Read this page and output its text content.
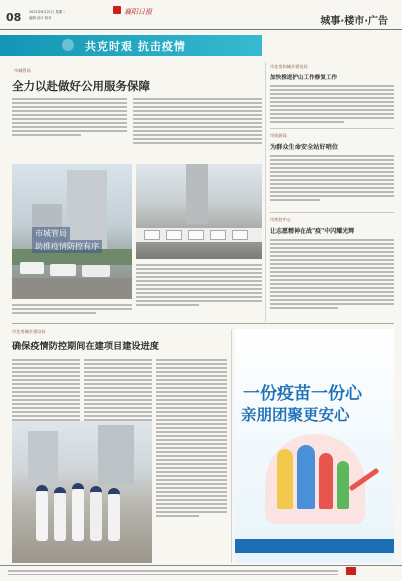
08 2022年6月21日 星期二
编辑 设计 校对
襄阳日报
城事·楼市·广告
共克时艰 抗击疫情
市城管局
全力以赴做好公用服务保障
市城管局
助推疫情防控有序
市住房和城乡建设局
加快推进护山工作修复工作
市资源局
为群众生命安全站好哨位
市疾控中心
让志愿精神在战"疫"中闪耀光辉
市住房城乡建设局
确保疫情防控期间在建项目建设进度
一份疫苗一份心
亲朋团聚更安心
